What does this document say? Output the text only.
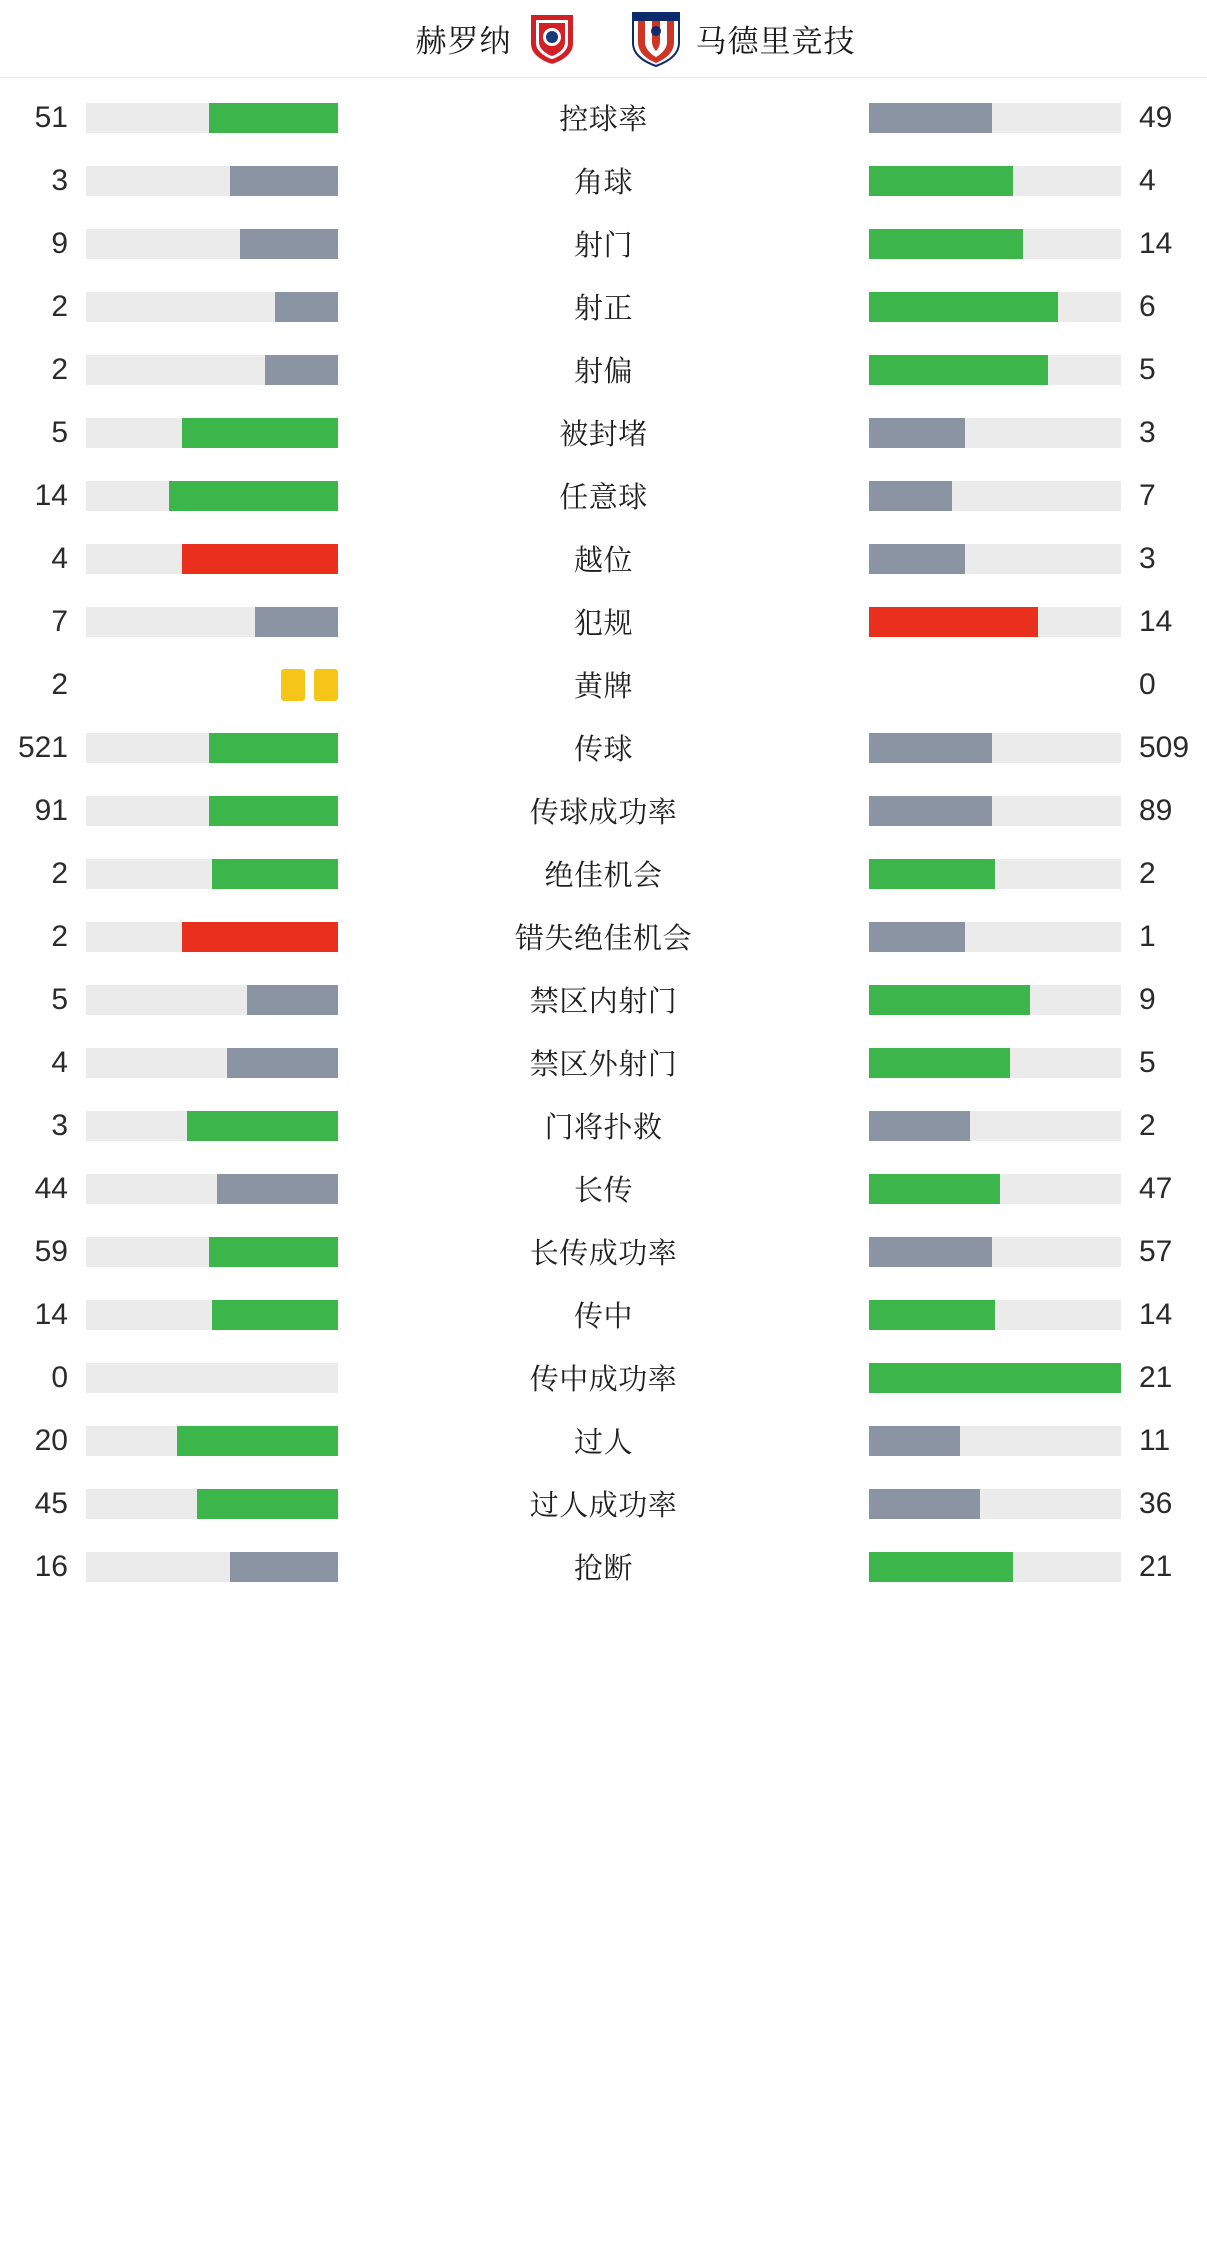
赫罗纳	马德里竞技
51	控球率	49
3	角球	4
9	射门	14
2	射正	6
2	射偏	5
5	被封堵	3
14	任意球	7
4	越位	3
7	犯规	14
2	黄牌	0
521	传球	509
91	传球成功率	89
2	绝佳机会	2
2	错失绝佳机会	1
5	禁区内射门	9
4	禁区外射门	5
3	门将扑救	2
44	长传	47
59	长传成功率	57
14	传中	14
0	传中成功率	21
20	过人	11
45	过人成功率	36
16	抢断	21
